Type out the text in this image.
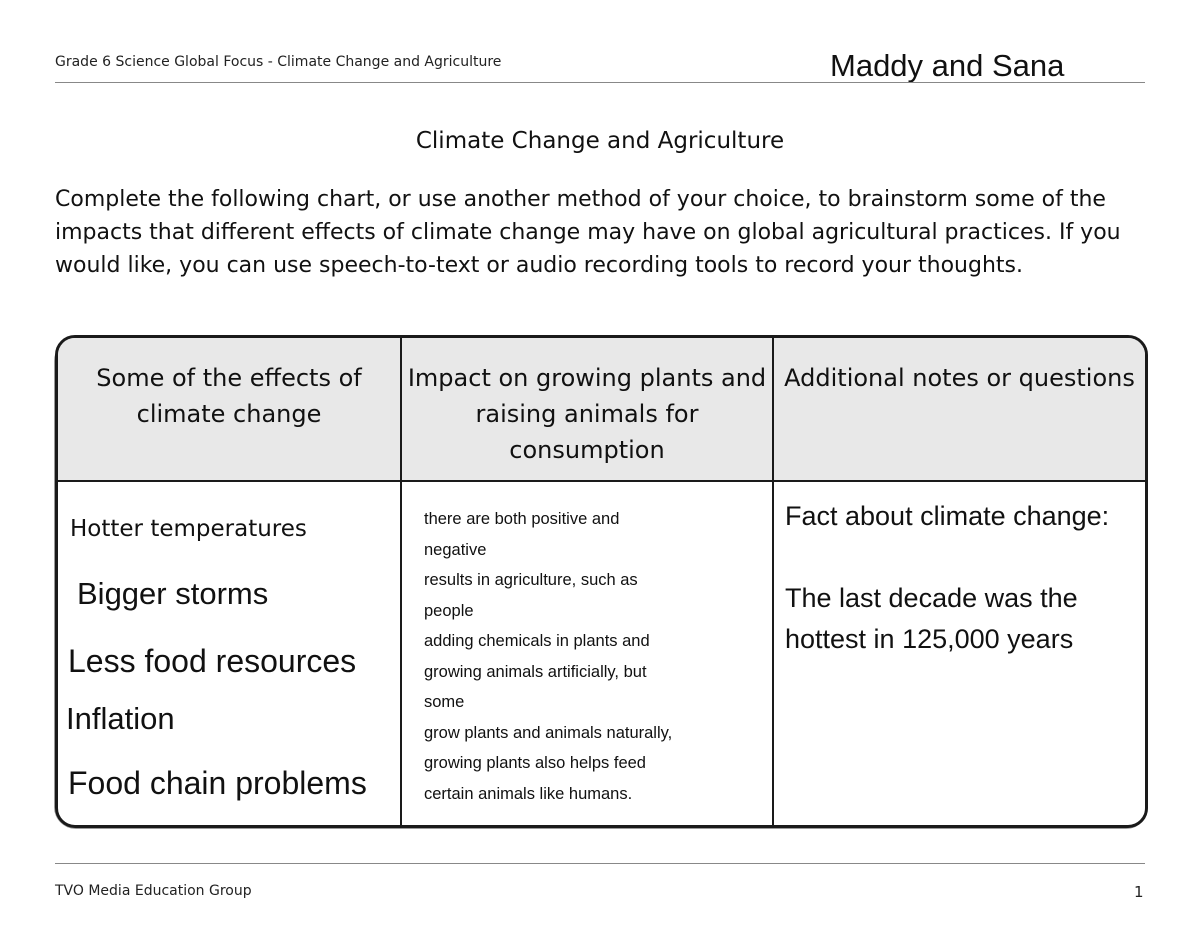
Grade 6 Science Global Focus - Climate Change and Agriculture	Maddy and Sana
Climate Change and Agriculture
Complete the following chart, or use another method of your choice, to brainstorm some of the impacts that different effects of climate change may have on global agricultural practices. If you would like, you can use speech-to-text or audio recording tools to record your thoughts.
Some of the effects of climate change
Impact on growing plants and raising animals for consumption
Additional notes or questions
Hotter temperatures
Bigger storms
Less food resources
Inflation
Food chain problems
there are both positive and
negative
results in agriculture, such as
people
adding chemicals in plants and
growing animals artificially, but
some
grow plants and animals naturally,
growing plants also helps feed
certain animals like humans.
Fact about climate change:
The last decade was the hottest in 125,000 years
TVO Media Education Group	1
